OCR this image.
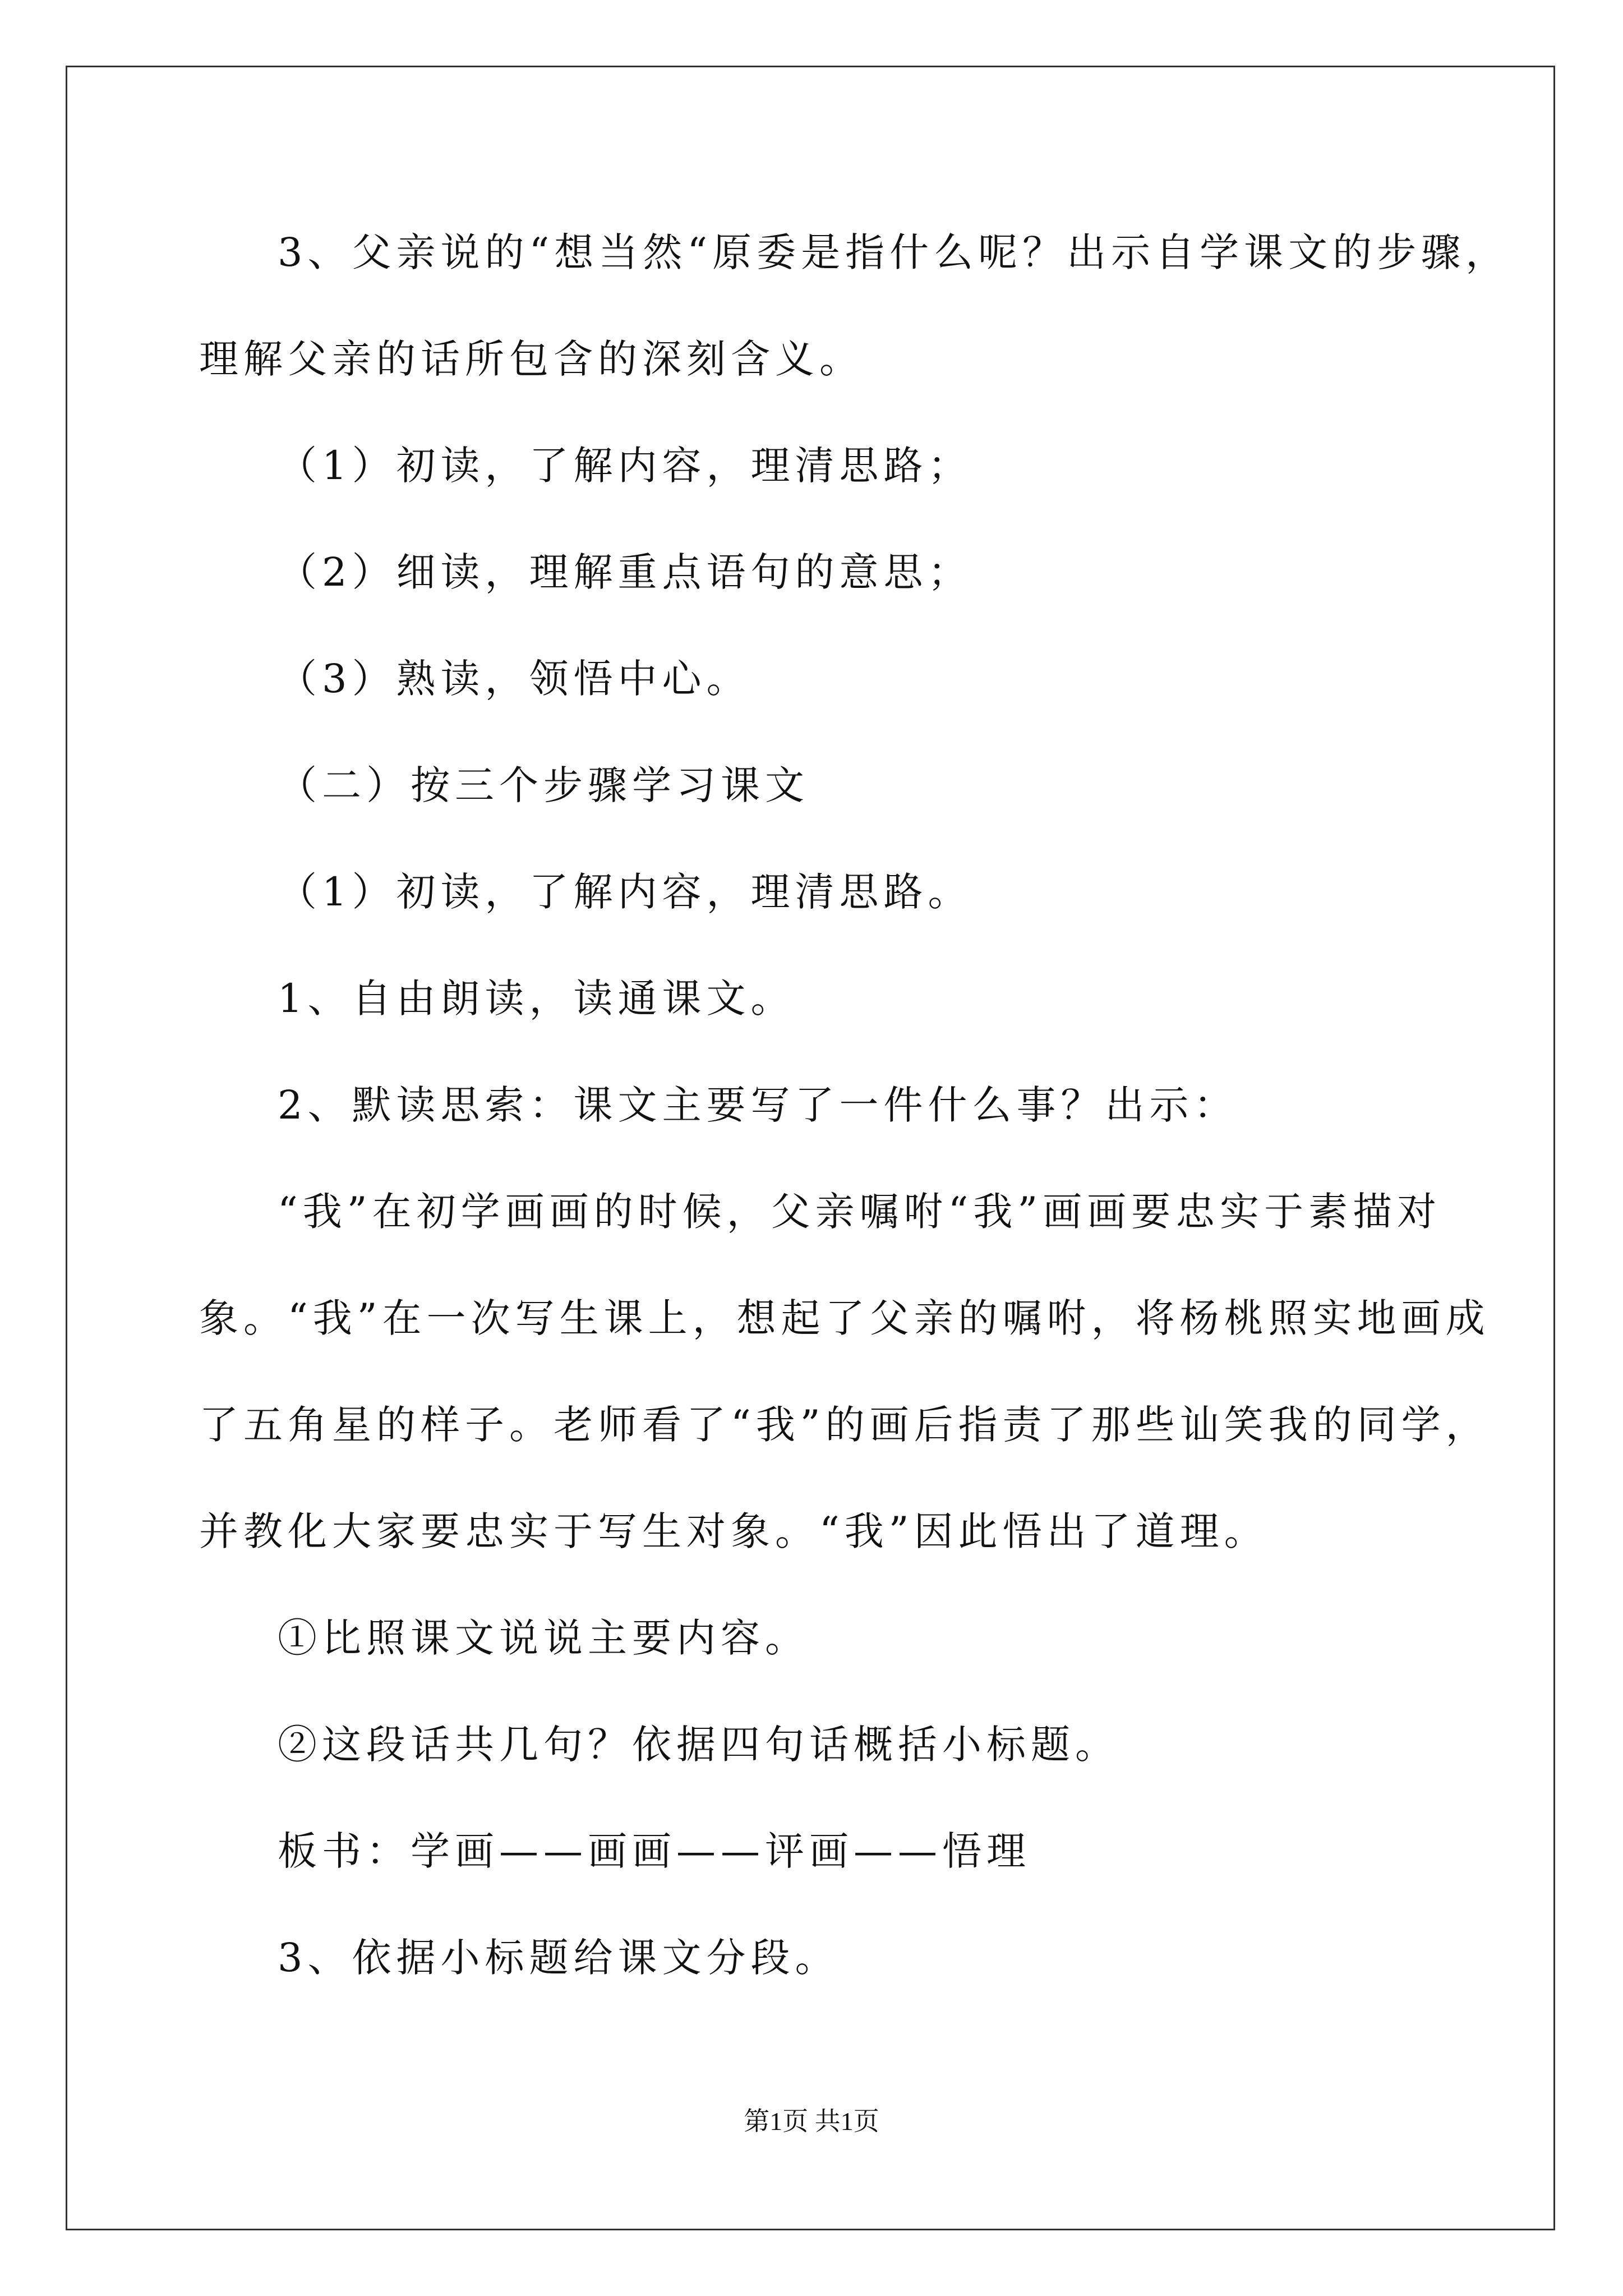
3、父亲说的“想当然“原委是指什么呢？出示自学课文的步骤，
理解父亲的话所包含的深刻含义。
（1）初读，了解内容，理清思路；
（2）细读，理解重点语句的意思；
（3）熟读，领悟中心。
（二）按三个步骤学习课文
（1）初读，了解内容，理清思路。
1、自由朗读，读通课文。
2、默读思索：课文主要写了一件什么事？出示：
“我”在初学画画的时候，父亲嘱咐“我”画画要忠实于素描对
象。“我”在一次写生课上，想起了父亲的嘱咐，将杨桃照实地画成
了五角星的样子。老师看了“我”的画后指责了那些讪笑我的同学，
并教化大家要忠实于写生对象。“我”因此悟出了道理。
①比照课文说说主要内容。
②这段话共几句？依据四句话概括小标题。
板书：学画——画画——评画——悟理
3、依据小标题给课文分段。
第1页 共1页
